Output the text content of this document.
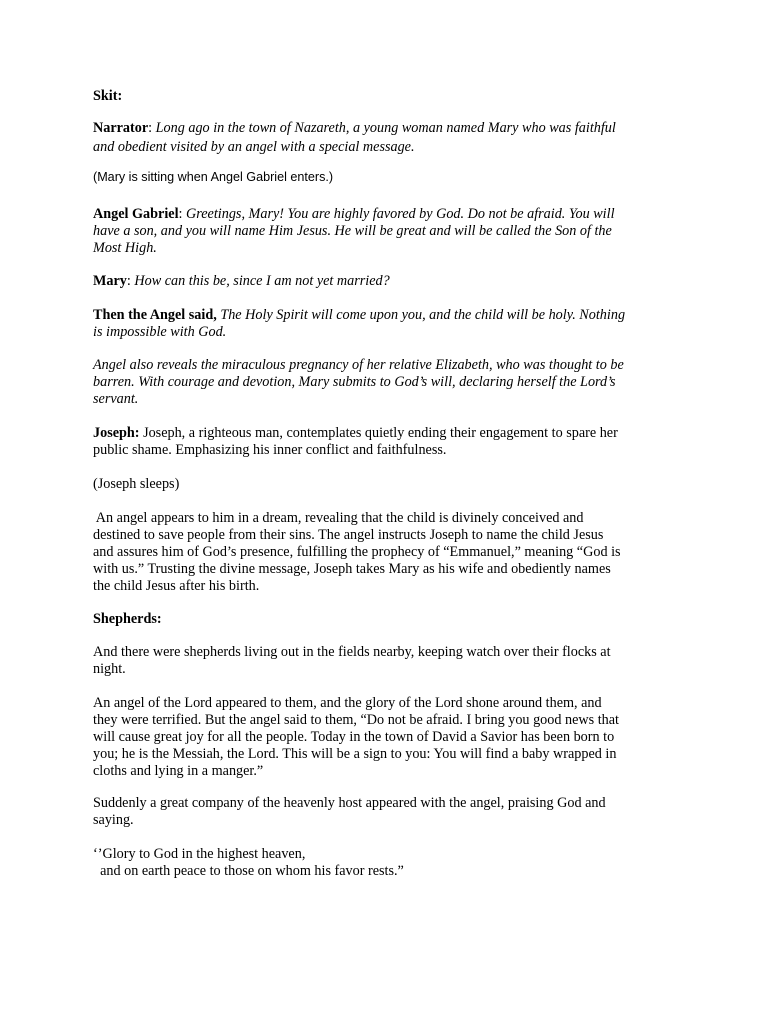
Skit:

Narrator: Long ago in the town of Nazareth, a young woman named Mary who was faithful
and obedient visited by an angel with a special message.

(Mary is sitting when Angel Gabriel enters.)

Angel Gabriel: Greetings, Mary! You are highly favored by God. Do not be afraid. You will
have a son, and you will name Him Jesus. He will be great and will be called the Son of the
Most High.

Mary: How can this be, since I am not yet married?

Then the Angel said, The Holy Spirit will come upon you, and the child will be holy. Nothing
is impossible with God.

Angel also reveals the miraculous pregnancy of her relative Elizabeth, who was thought to be
barren. With courage and devotion, Mary submits to God’s will, declaring herself the Lord’s
servant.

Joseph: Joseph, a righteous man, contemplates quietly ending their engagement to spare her
public shame. Emphasizing his inner conflict and faithfulness.

(Joseph sleeps)

An angel appears to him in a dream, revealing that the child is divinely conceived and
destined to save people from their sins. The angel instructs Joseph to name the child Jesus
and assures him of God’s presence, fulfilling the prophecy of “Emmanuel,” meaning “God is
with us.” Trusting the divine message, Joseph takes Mary as his wife and obediently names
the child Jesus after his birth.

Shepherds:

And there were shepherds living out in the fields nearby, keeping watch over their flocks at
night.

An angel of the Lord appeared to them, and the glory of the Lord shone around them, and
they were terrified. But the angel said to them, “Do not be afraid. I bring you good news that
will cause great joy for all the people. Today in the town of David a Savior has been born to
you; he is the Messiah, the Lord. This will be a sign to you: You will find a baby wrapped in
cloths and lying in a manger.”

Suddenly a great company of the heavenly host appeared with the angel, praising God and
saying.

‘’Glory to God in the highest heaven,
and on earth peace to those on whom his favor rests.”
